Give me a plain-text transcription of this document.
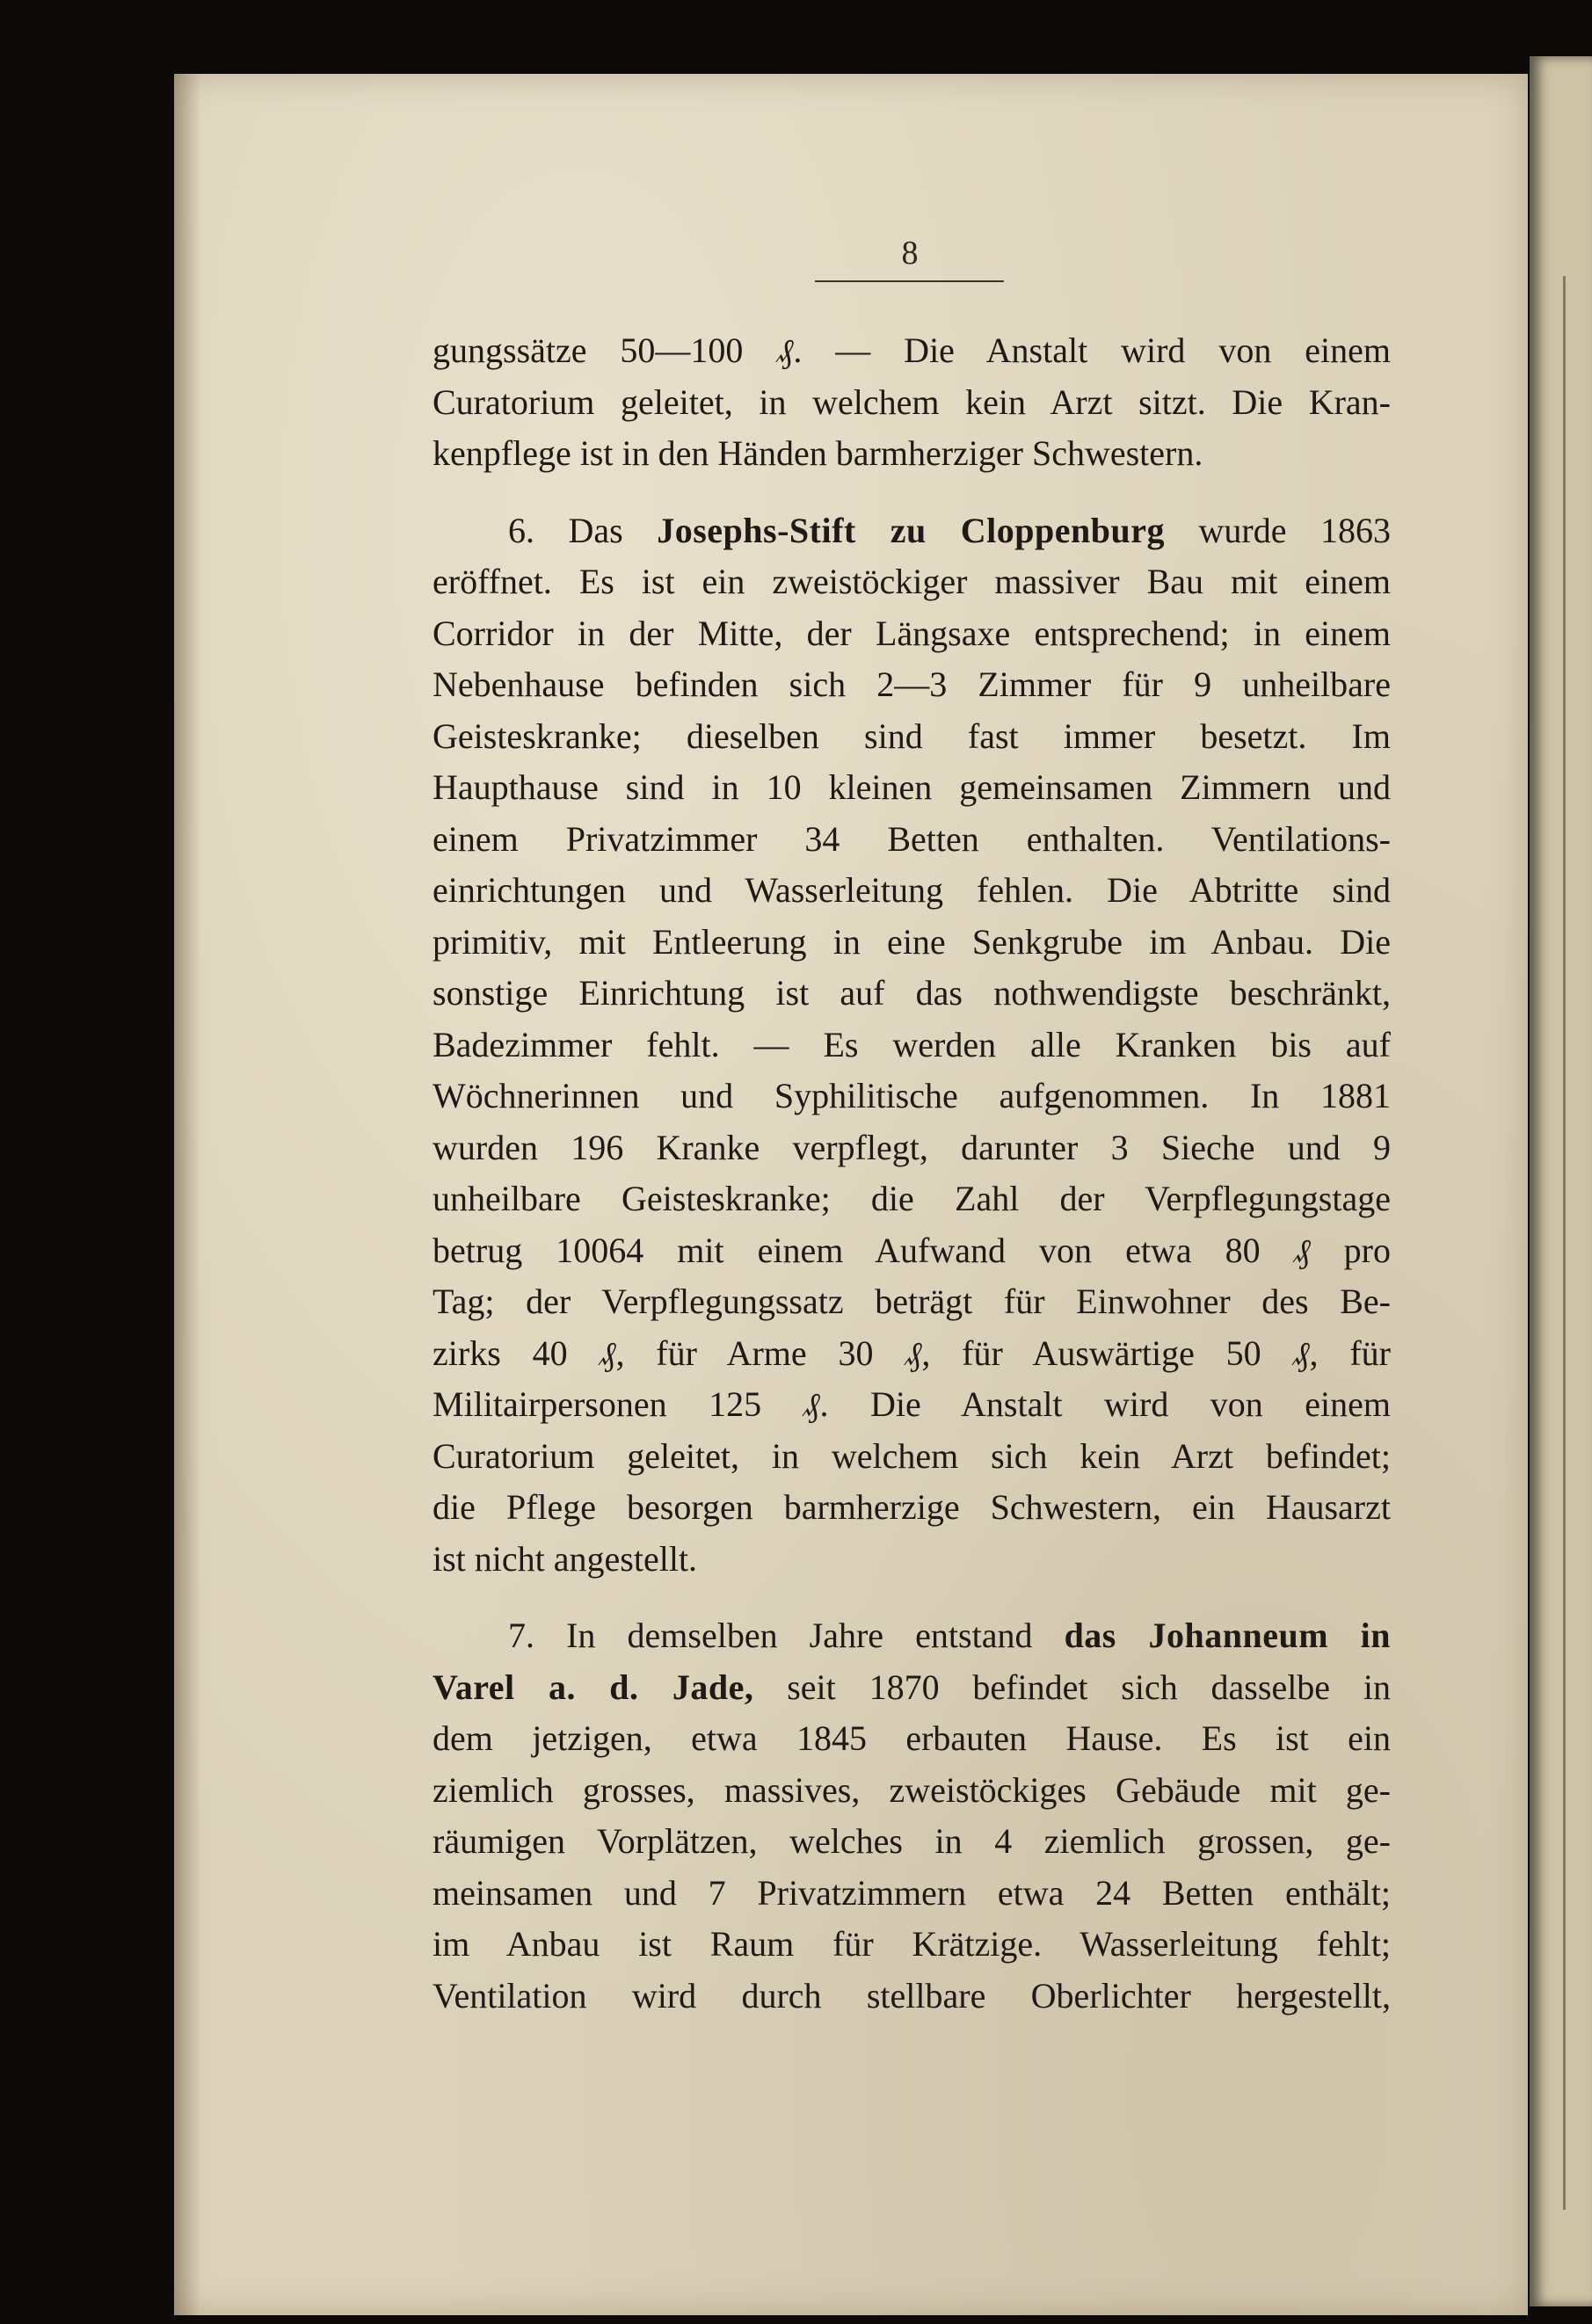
8
gungssätze 50—100 ₰. — Die Anstalt wird von einem
Curatorium geleitet, in welchem kein Arzt sitzt. Die Kran-
kenpflege ist in den Händen barmherziger Schwestern.
6. Das Josephs-Stift zu Cloppenburg wurde 1863
eröffnet. Es ist ein zweistöckiger massiver Bau mit einem
Corridor in der Mitte, der Längsaxe entsprechend; in einem
Nebenhause befinden sich 2—3 Zimmer für 9 unheilbare
Geisteskranke; dieselben sind fast immer besetzt. Im
Haupthause sind in 10 kleinen gemeinsamen Zimmern und
einem Privatzimmer 34 Betten enthalten. Ventilations-
einrichtungen und Wasserleitung fehlen. Die Abtritte sind
primitiv, mit Entleerung in eine Senkgrube im Anbau. Die
sonstige Einrichtung ist auf das nothwendigste beschränkt,
Badezimmer fehlt. — Es werden alle Kranken bis auf
Wöchnerinnen und Syphilitische aufgenommen. In 1881
wurden 196 Kranke verpflegt, darunter 3 Sieche und 9
unheilbare Geisteskranke; die Zahl der Verpflegungstage
betrug 10064 mit einem Aufwand von etwa 80 ₰ pro
Tag; der Verpflegungssatz beträgt für Einwohner des Be-
zirks 40 ₰, für Arme 30 ₰, für Auswärtige 50 ₰, für
Militairpersonen 125 ₰. Die Anstalt wird von einem
Curatorium geleitet, in welchem sich kein Arzt befindet;
die Pflege besorgen barmherzige Schwestern, ein Hausarzt
ist nicht angestellt.
7. In demselben Jahre entstand das Johanneum in
Varel a. d. Jade, seit 1870 befindet sich dasselbe in
dem jetzigen, etwa 1845 erbauten Hause. Es ist ein
ziemlich grosses, massives, zweistöckiges Gebäude mit ge-
räumigen Vorplätzen, welches in 4 ziemlich grossen, ge-
meinsamen und 7 Privatzimmern etwa 24 Betten enthält;
im Anbau ist Raum für Krätzige. Wasserleitung fehlt;
Ventilation wird durch stellbare Oberlichter hergestellt,
